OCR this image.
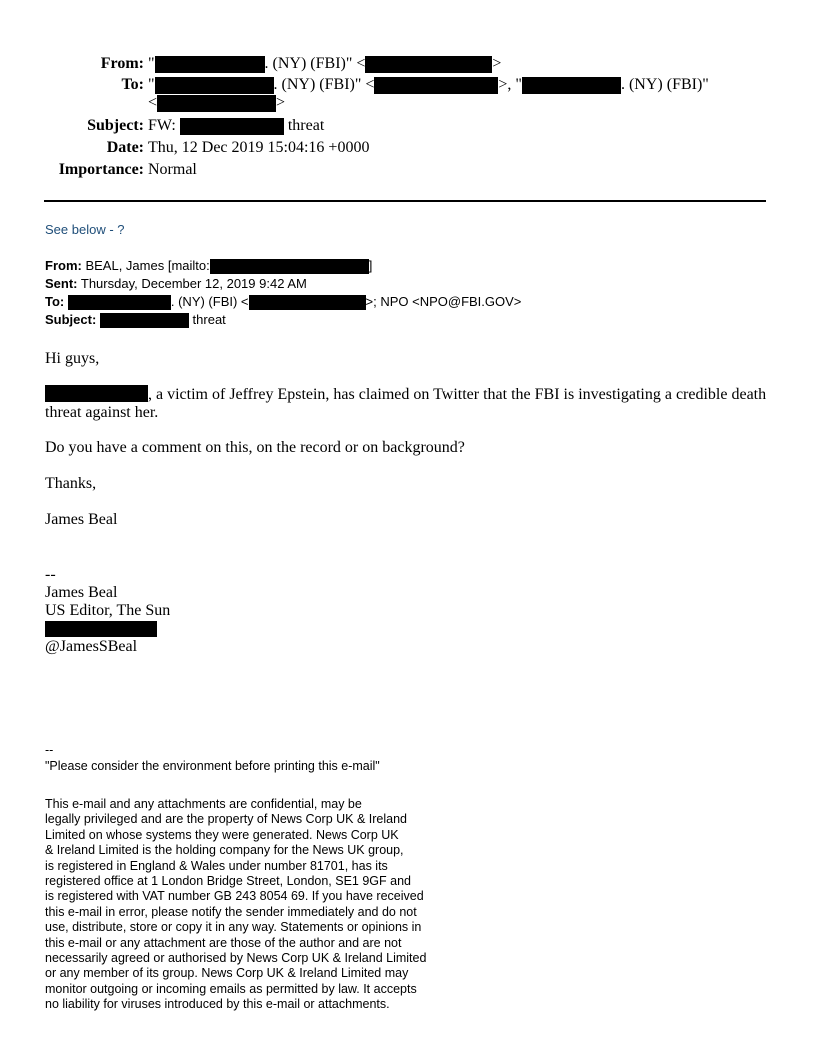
From: "	. (NY) (FBI)" <	>
To: "	. (NY) (FBI)" <	>, "	. (NY) (FBI)"
<	>
Subject: FW:	threat
Date: Thu, 12 Dec 2019 15:04:16 +0000
Importance: Normal
See below - ?
From: BEAL, James [mailto:	]
Sent: Thursday, December 12, 2019 9:42 AM
To:	. (NY) (FBI) <	>; NPO <NPO@FBI.GOV>
Subject:	threat
Hi guys,
, a victim of Jeffrey Epstein, has claimed on Twitter that the FBI is investigating a credible death threat against her.
Do you have a comment on this, on the record or on background?
Thanks,
James Beal
--
James Beal
US Editor, The Sun
@JamesSBeal
--
"Please consider the environment before printing this e-mail"
This e-mail and any attachments are confidential, may be
legally privileged and are the property of News Corp UK & Ireland
Limited on whose systems they were generated. News Corp UK
& Ireland Limited is the holding company for the News UK group,
is registered in England & Wales under number 81701, has its
registered office at 1 London Bridge Street, London, SE1 9GF and
is registered with VAT number GB 243 8054 69. If you have received
this e-mail in error, please notify the sender immediately and do not
use, distribute, store or copy it in any way. Statements or opinions in
this e-mail or any attachment are those of the author and are not
necessarily agreed or authorised by News Corp UK & Ireland Limited
or any member of its group. News Corp UK & Ireland Limited may
monitor outgoing or incoming emails as permitted by law. It accepts
no liability for viruses introduced by this e-mail or attachments.
